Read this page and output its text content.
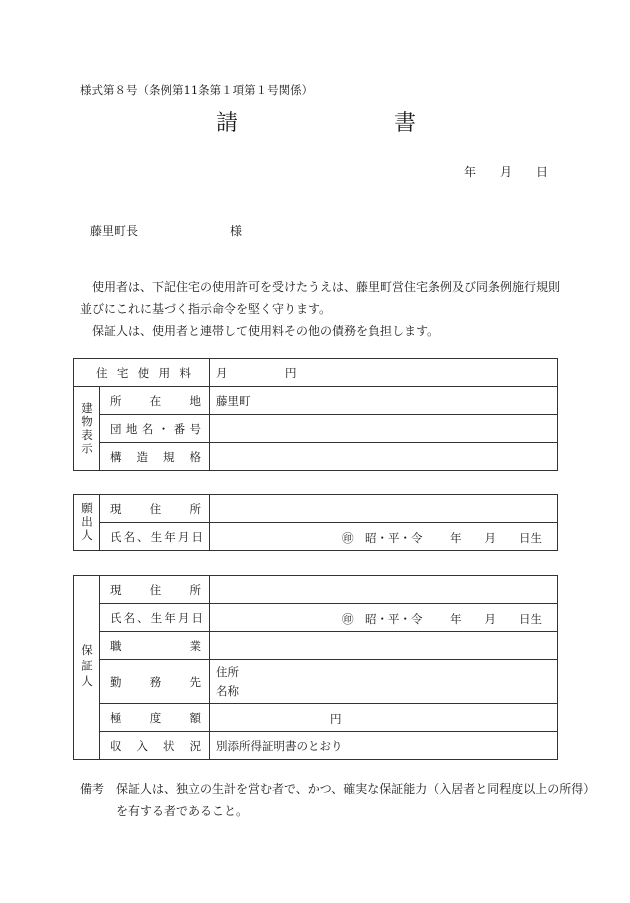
様式第８号（条例第11条第１項第１号関係）
請	書
年 月 日
藤里町長	様
使用者は、下記住宅の使用許可を受けたうえは、藤里町営住宅条例及び同条例施行規則並びにこれに基づく指示命令を堅く守ります。
保証人は、使用者と連帯して使用料その他の債務を負担します。
住宅使用料		月　　　　　円
建物表示	所在地	藤里町

	団地名・番号	

	構造規格	

願出人	現住所	

	氏名、生年月日	㊞ 昭・平・令 年　　月　　日生
保証人	現住所	

	氏名、生年月日	㊞ 昭・平・令 年　　月　　日生

	職業	

	勤務先	住所
名称

	極度額	円

	収入状況	別添所得証明書のとおり
備考 保証人は、独立の生計を営む者で、かつ、確実な保証能力（入居者と同程度以上の所得）を有する者であること。
